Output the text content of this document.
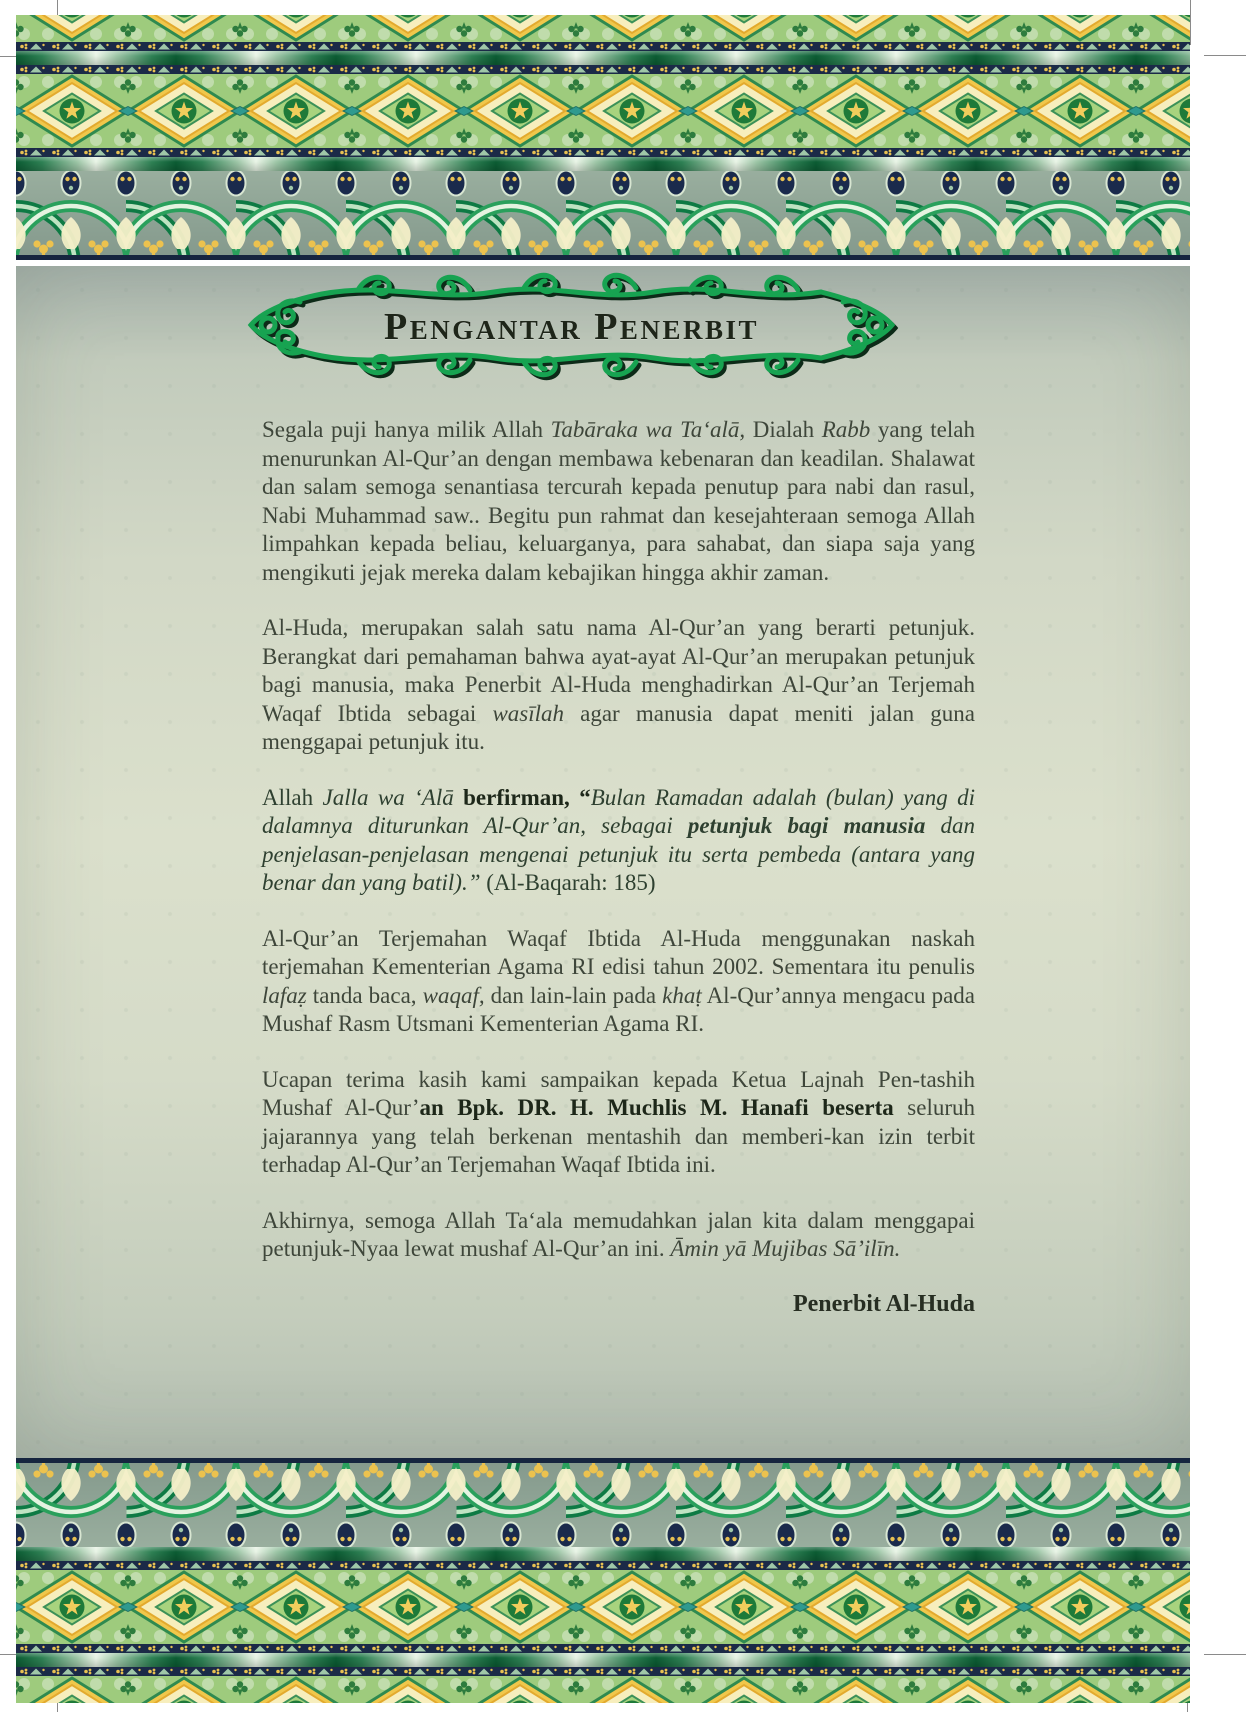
Pengantar Penerbit

Segala puji hanya milik Allah Tabāraka wa Ta‘alā, Dialah Rabb yang telah menurunkan Al-Qur’an dengan membawa kebenaran dan keadilan. Shalawat dan salam semoga senantiasa tercurah kepada penutup para nabi dan rasul, Nabi Muhammad saw.. Begitu pun rahmat dan kesejahteraan semoga Allah limpahkan kepada beliau, keluarganya, para sahabat, dan siapa saja yang mengikuti jejak mereka dalam kebajikan hingga akhir zaman.

Al-Huda, merupakan salah satu nama Al-Qur’an yang berarti petunjuk. Berangkat dari pemahaman bahwa ayat-ayat Al-Qur’an merupakan petunjuk bagi manusia, maka Penerbit Al-Huda menghadirkan Al-Qur’an Terjemah Waqaf Ibtida sebagai wasīlah agar manusia dapat meniti jalan guna menggapai petunjuk itu.

Allah Jalla wa ‘Alā berfirman, “Bulan Ramadan adalah (bulan) yang di dalamnya diturunkan Al-Qur’an, sebagai petunjuk bagi manusia dan penjelasan-penjelasan mengenai petunjuk itu serta pembeda (antara yang benar dan yang batil).” (Al-Baqarah: 185)

Al-Qur’an Terjemahan Waqaf Ibtida Al-Huda menggunakan naskah terjemahan Kementerian Agama RI edisi tahun 2002. Sementara itu penulis lafaẓ tanda baca, waqaf, dan lain-lain pada khaṭ Al-Qur’annya mengacu pada Mushaf Rasm Utsmani Kementerian Agama RI.

Ucapan terima kasih kami sampaikan kepada Ketua Lajnah Pen-tashih Mushaf Al-Qur’an Bpk. DR. H. Muchlis M. Hanafi beserta seluruh jajarannya yang telah berkenan mentashih dan memberi-kan izin terbit terhadap Al-Qur’an Terjemahan Waqaf Ibtida ini.

Akhirnya, semoga Allah Ta‘ala memudahkan jalan kita dalam menggapai petunjuk-Nyaa lewat mushaf Al-Qur’an ini. Āmin yā Mujibas Sā’ilīn.

Penerbit Al-Huda
